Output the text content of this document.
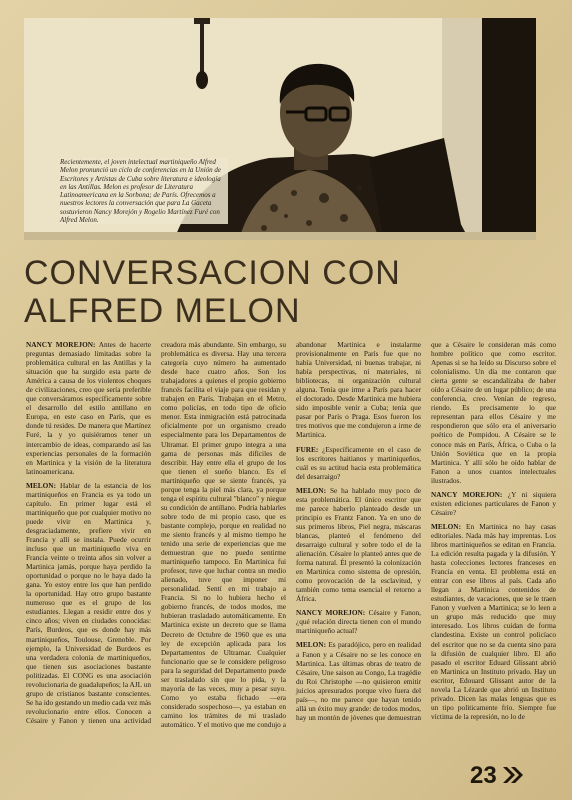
Recientemente, el joven intelectual martiniqueño Alfred Melon pronunció un ciclo de conferencias en la Unión de Escritores y Artistas de Cuba sobre literatura e ideología en las Antillas. Melon es profesor de Literatura Latinoamericana en la Sorbona; de París. Ofrecemos a nuestros lectores la conversación que para La Gaceta sostuvieron Nancy Morejón y Rogelio Martínez Furé con Alfred Melon.
CONVERSACION CON
ALFRED MELON

NANCY MOREJON: Antes de hacerte preguntas demasiado limitadas sobre la problemática cultural en las Antillas y la situación que ha surgido esta parte de América a causa de los violentos choques de civilizaciones, creo que sería preferible que conversáramos específicamente sobre el desarrollo del estilo antillano en Europa, en este caso en París, que es donde tú resides. De manera que Martínez Furé, la y yo quisiéramos tener un intercambio de ideas, comparando así las experiencias personales de la formación en Martinica y la visión de la literatura latinoamericana.

MELON: Hablar de la estancia de los martiniqueños en Francia es ya todo un capítulo. En primer lugar está el martiniqueño que por cualquier motivo no puede vivir en Martinica y, desgraciadamente, prefiere vivir en Francia y allí se instala. Puede ocurrir incluso que un martiniqueño viva en Francia veinte o treinta años sin volver a Martinica jamás, porque haya perdido la oportunidad o porque no le haya dado la gana. Yo estoy entre los que han perdido la oportunidad. Hay otro grupo bastante numeroso que es el grupo de los estudiantes. Llegan a residir entre dos y cinco años; viven en ciudades conocidas: París, Burdeos, que es donde hay más martiniqueños, Toulouse, Grenoble. Por ejemplo, la Universidad de Burdeos es una verdadera colonia de martiniqueños, que tienen sus asociaciones bastante politizadas. El CONG es una asociación revolucionaria de guadalupeños; la AJL un grupo de cristianos bastante conscientes. Se ha ido gestando un medio cada vez más revolucionario entre ellos. Conocen a Césaire y Fanon y tienen una actividad creadora más abundante. Sin embargo, su problemática es diversa. Hay una tercera categoría cuyo número ha aumentado desde hace cuatro años. Son los trabajadores a quienes el propio gobierno francés facilita el viaje para que residan y trabajen en París. Trabajan en el Metro, como policías, en todo tipo de oficio menor. Esta inmigración está patrocinada oficialmente por un organismo creado especialmente para los Departamentos de Ultramar. El primer grupo integra a una gama de personas más difíciles de describir. Hay entre ella el grupo de los que tienen el sueño blanco. Es el martiniqueño que se siente francés, ya porque tenga la piel más clara, ya porque tenga el espíritu cultural "blanco" y niegue su condición de antillano. Podría hablarles sobre todo de mi propio caso, que es bastante complejo, porque en realidad no me siento francés y al mismo tiempo he tenido una serie de experiencias que me demuestran que no puedo sentirme martiniqueño tampoco. En Martinica fui profesor, tuve que luchar contra un medio alienado, tuve que imponer mi personalidad. Sentí en mi trabajo a Francia. Si no lo hubiera hecho el gobierno francés, de todos modos, me hubieran trasladado automáticamente. En Martinica existe un decreto que se llama Decreto de Octubre de 1960 que es una ley de excepción aplicada para los Departamentos de Ultramar. Cualquier funcionario que se le considere peligroso para la seguridad del Departamento puede ser trasladado sin que lo pida, y la mayoría de las veces, muy a pesar suyo. Como yo estaba fichado —era considerado sospechoso—, ya estaban en camino los trámites de mi traslado automático. Y el motivo que me condujo a abandonar Martinica e instalarme provisionalmente en París fue que no había Universidad, ni buenas trabajar, ni había perspectivas, ni materiales, ni bibliotecas, ni organización cultural alguna. Tenía que irme a París para hacer el doctorado. Desde Martinica me hubiera sido imposible venir a Cuba; tenía que pasar por París o Praga. Esos fueron los tres motivos que me condujeron a irme de Martinica.

FURE: ¿Específicamente en el caso de los escritores haitianos y martiniqueños, cuál es su actitud hacia esta problemática del desarraigo?

MELON: Se ha hablado muy poco de esta problemática. El único escritor que me parece haberlo planteado desde un principio es Frantz Fanon. Ya en uno de sus primeros libros, Piel negra, máscaras blancas, planteó el fenómeno del desarraigo cultural y sobre todo el de la alienación. Césaire lo planteó antes que de forma natural. Él presentó la colonización en Martinica como sistema de opresión, como provocación de la esclavitud, y también como tema esencial el retorno a África.

NANCY MOREJON: Césaire y Fanon, ¿qué relación directa tienen con el mundo martiniqueño actual?

MELON: Es paradójico, pero en realidad a Fanon y a Césaire no se les conoce en Martinica. Las últimas obras de teatro de Césaire, Une saison au Congo, La tragédie du Roi Christophe —no quisieron emitir juicios apresurados porque vivo fuera del país—, no me parece que hayan tenido allá un éxito muy grande: de todos modos, hay un montón de jóvenes que demuestran que a Césaire le consideran más como hombre político que como escritor. Apenas si se ha leído su Discurso sobre el colonialismo. Un día me contaron que cierta gente se escandalizaba de haber oído a Césaire de un lugar público; de una conferencia, creo. Venían de regreso, riendo. Es precisamente lo que representan para ellos Césaire y me respondieron que sólo era el aniversario poético de Pompidou. A Césaire se le conoce más en París, África, o Cuba o la Unión Soviética que en la propia Martinica. Y allí sólo he oído hablar de Fanon a unos cuantos intelectuales ilustrados.

NANCY MOREJON: ¿Y ni siquiera existen ediciones particulares de Fanon y Césaire?

MELON: En Martinica no hay casas editoriales. Nada más hay imprentas. Los libros martiniqueños se editan en Francia. La edición resulta pagada y la difusión. Y hasta colecciones lectores franceses en Francia en venta. El problema está en entrar con ese libros al país. Cada año llegan a Martinica contenidos de estudiantes, de vacaciones, que se le traen Fanon y vuelven a Martinica; se lo leen a un grupo más reducido que muy interesado. Los libros cuidan de forma clandestina. Existe un control policíaco del escritor que no se da cuenta sino para la difusión de cualquier libro. El año pasado el escritor Eduard Glissant abrió en Martinica un Instituto privado. Hay un escritor, Edouard Glissant autor de la novela La Lézarde que abrió un Instituto privado. Dicen las malas lenguas que es un tipo politicamente frío. Siempre fue víctima de la represión, no lo de

23
